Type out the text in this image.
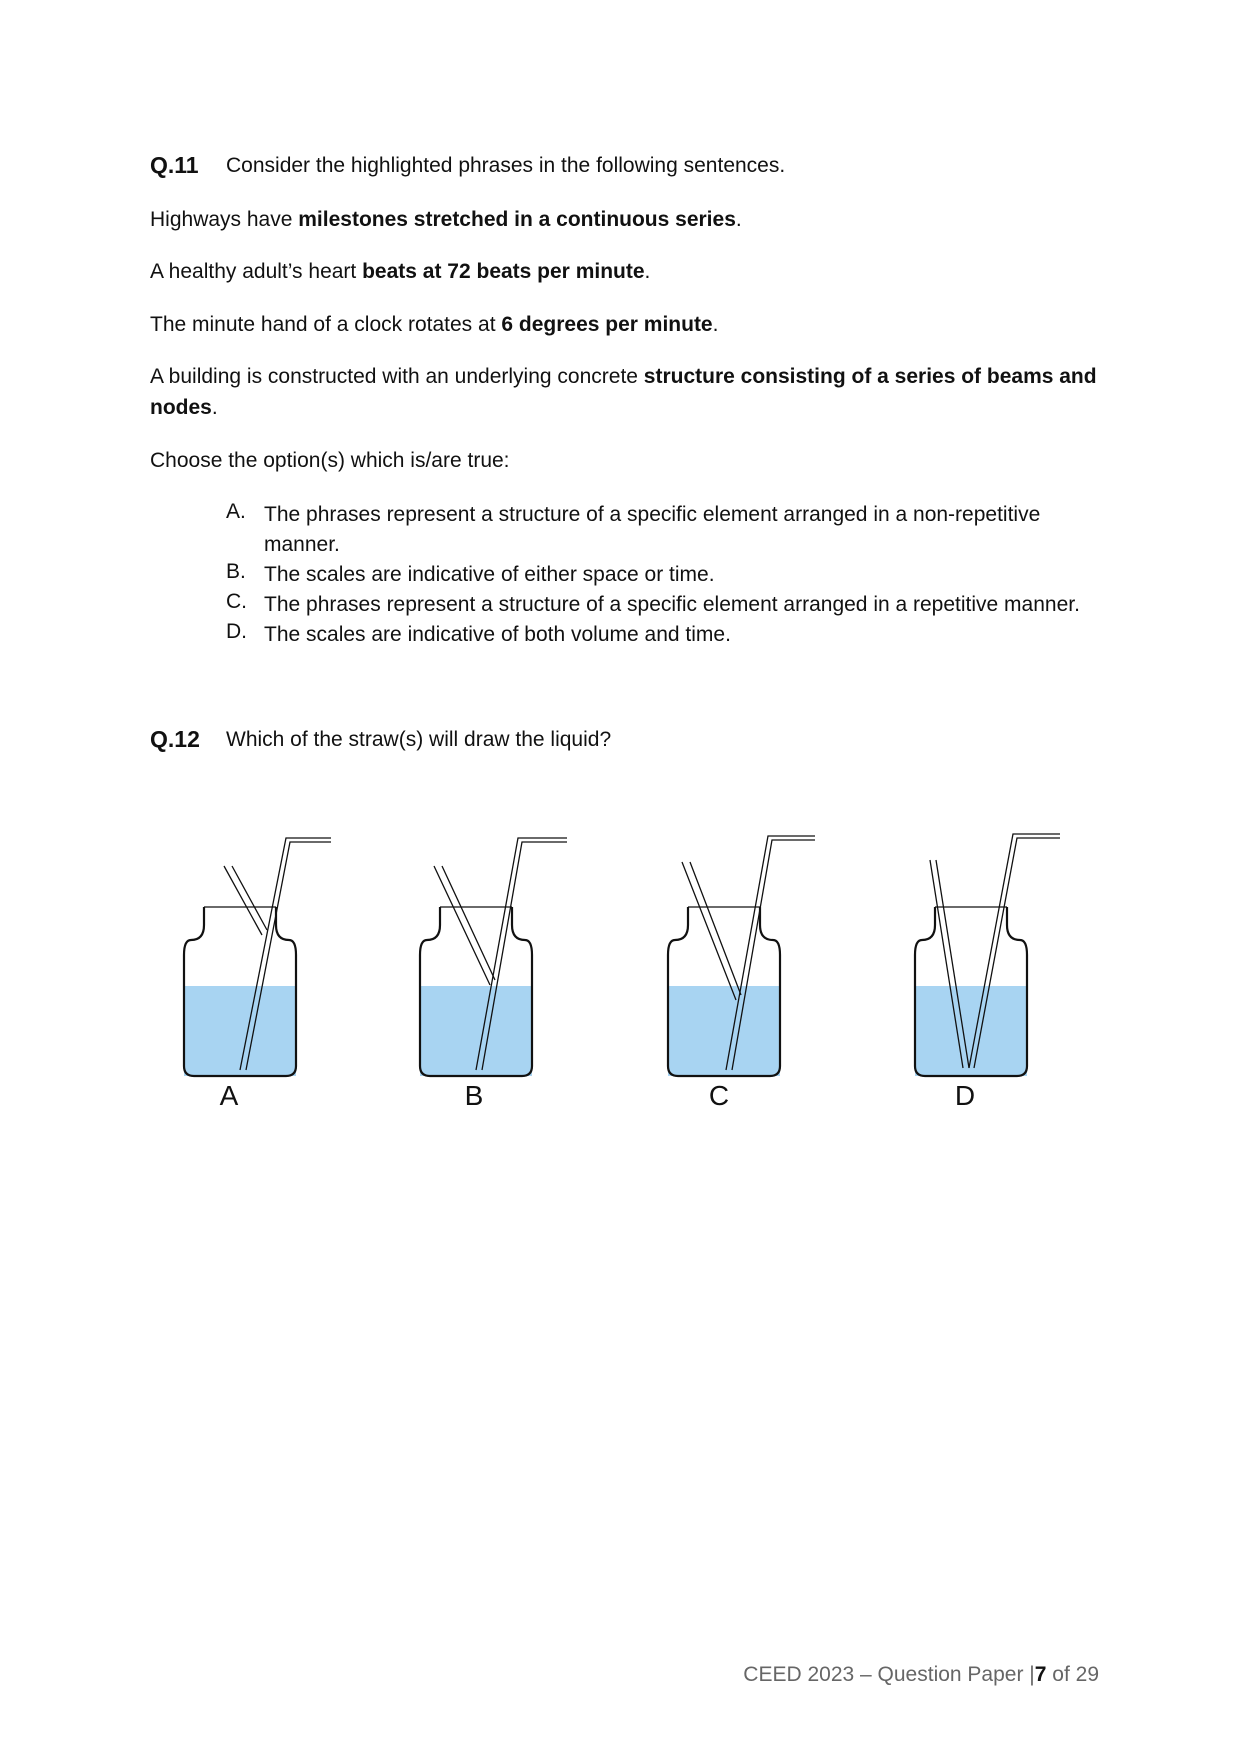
Q.11 Consider the highlighted phrases in the following sentences.
Highways have milestones stretched in a continuous series.
A healthy adult’s heart beats at 72 beats per minute.
The minute hand of a clock rotates at 6 degrees per minute.
A building is constructed with an underlying concrete structure consisting of a series of beams and
nodes.
Choose the option(s) which is/are true:
A. The phrases represent a structure of a specific element arranged in a non-repetitive
manner.
B. The scales are indicative of either space or time.
C. The phrases represent a structure of a specific element arranged in a repetitive manner.
D. The scales are indicative of both volume and time.
Q.12 Which of the straw(s) will draw the liquid?
A	B	C	D
CEED 2023 – Question Paper |7 of 29
